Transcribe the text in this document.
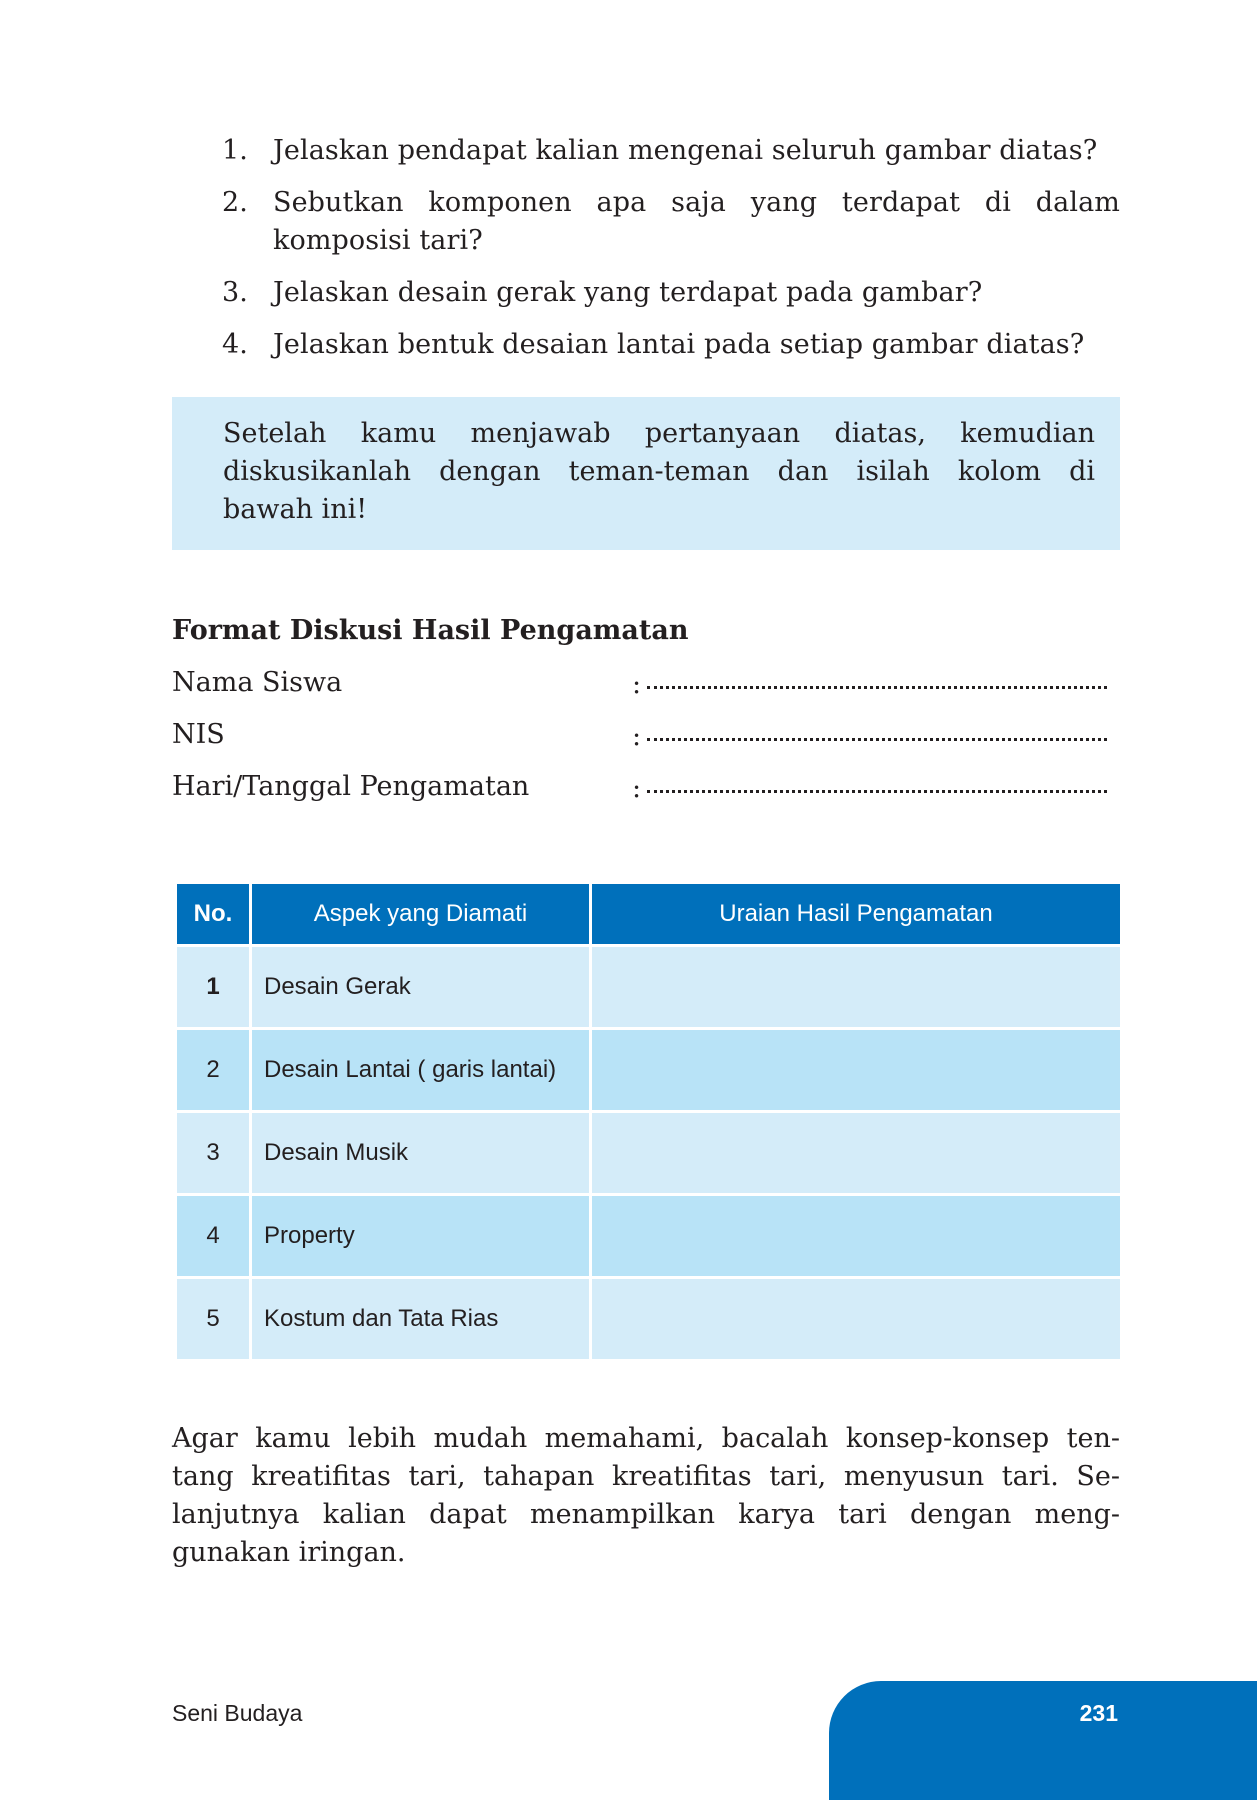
1. Jelaskan pendapat kalian mengenai seluruh gambar diatas?
2. Sebutkan komponen apa saja yang terdapat di dalam
komposisi tari?
3. Jelaskan desain gerak yang terdapat pada gambar?
4. Jelaskan bentuk desaian lantai pada setiap gambar diatas?
Setelah kamu menjawab pertanyaan diatas, kemudian
diskusikanlah dengan teman-teman dan isilah kolom di
bawah ini!
Format Diskusi Hasil Pengamatan
Nama Siswa	:
NIS	:
Hari/Tanggal Pengamatan	:
No.	Aspek yang Diamati	Uraian Hasil Pengamatan
1	Desain Gerak	
2	Desain Lantai ( garis lantai)	
3	Desain Musik	
4	Property	
5	Kostum dan Tata Rias	
Agar kamu lebih mudah memahami, bacalah konsep-konsep ten-
tang kreatifitas tari, tahapan kreatifitas tari, menyusun tari. Se-
lanjutnya kalian dapat menampilkan karya tari dengan meng-
gunakan iringan.
Seni Budaya	231
